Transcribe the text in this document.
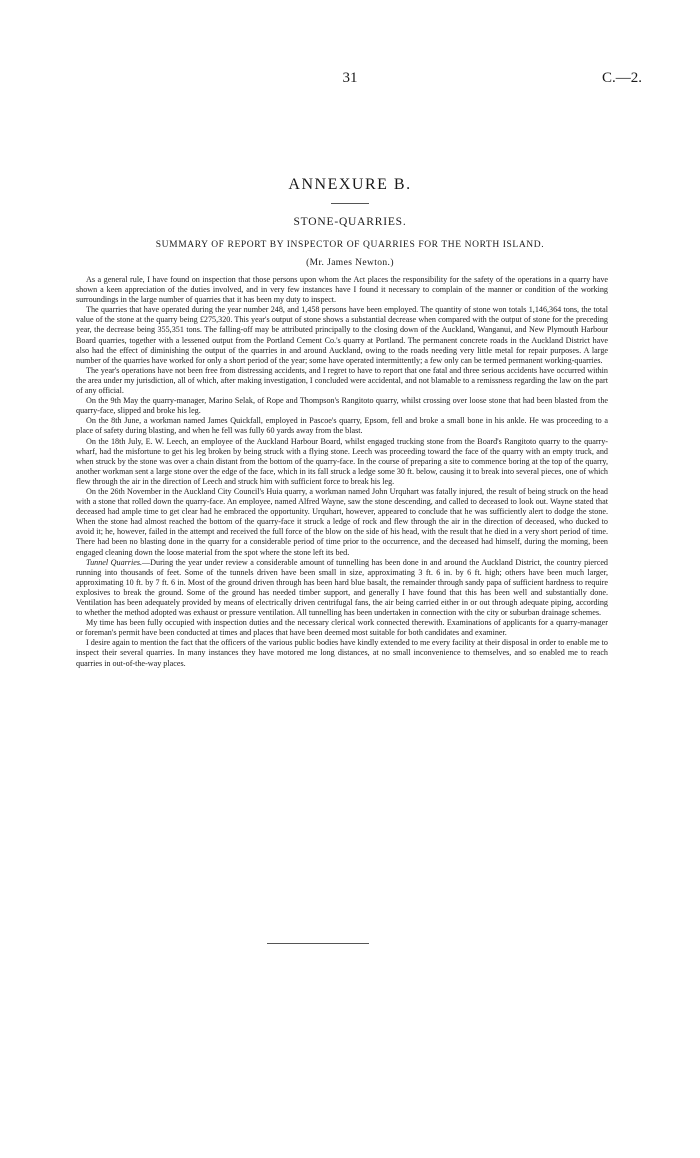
31	C.—2.
ANNEXURE B.
STONE-QUARRIES.
SUMMARY OF REPORT BY INSPECTOR OF QUARRIES FOR THE NORTH ISLAND.
(Mr. James Newton.)

As a general rule, I have found on inspection that those persons upon whom the Act places the responsibility for the safety of the operations in a quarry have shown a keen appreciation of the duties involved, and in very few instances have I found it necessary to complain of the manner or condition of the working surroundings in the large number of quarries that it has been my duty to inspect.

The quarries that have operated during the year number 248, and 1,458 persons have been employed. The quantity of stone won totals 1,146,364 tons, the total value of the stone at the quarry being £275,320. This year's output of stone shows a substantial decrease when compared with the output of stone for the preceding year, the decrease being 355,351 tons. The falling-off may be attributed principally to the closing down of the Auckland, Wanganui, and New Plymouth Harbour Board quarries, together with a lessened output from the Portland Cement Co.'s quarry at Portland. The permanent concrete roads in the Auckland District have also had the effect of diminishing the output of the quarries in and around Auckland, owing to the roads needing very little metal for repair purposes. A large number of the quarries have worked for only a short period of the year; some have operated intermittently; a few only can be termed permanent working-quarries.

The year's operations have not been free from distressing accidents, and I regret to have to report that one fatal and three serious accidents have occurred within the area under my jurisdiction, all of which, after making investigation, I concluded were accidental, and not blamable to a remissness regarding the law on the part of any official.

On the 9th May the quarry-manager, Marino Selak, of Rope and Thompson's Rangitoto quarry, whilst crossing over loose stone that had been blasted from the quarry-face, slipped and broke his leg.

On the 8th June, a workman named James Quickfall, employed in Pascoe's quarry, Epsom, fell and broke a small bone in his ankle. He was proceeding to a place of safety during blasting, and when he fell was fully 60 yards away from the blast.

On the 18th July, E. W. Leech, an employee of the Auckland Harbour Board, whilst engaged trucking stone from the Board's Rangitoto quarry to the quarry-wharf, had the misfortune to get his leg broken by being struck with a flying stone. Leech was proceeding toward the face of the quarry with an empty truck, and when struck by the stone was over a chain distant from the bottom of the quarry-face. In the course of preparing a site to commence boring at the top of the quarry, another workman sent a large stone over the edge of the face, which in its fall struck a ledge some 30 ft. below, causing it to break into several pieces, one of which flew through the air in the direction of Leech and struck him with sufficient force to break his leg.

On the 26th November in the Auckland City Council's Huia quarry, a workman named John Urquhart was fatally injured, the result of being struck on the head with a stone that rolled down the quarry-face. An employee, named Alfred Wayne, saw the stone descending, and called to deceased to look out. Wayne stated that deceased had ample time to get clear had he embraced the opportunity. Urquhart, however, appeared to conclude that he was sufficiently alert to dodge the stone. When the stone had almost reached the bottom of the quarry-face it struck a ledge of rock and flew through the air in the direction of deceased, who ducked to avoid it; he, however, failed in the attempt and received the full force of the blow on the side of his head, with the result that he died in a very short period of time. There had been no blasting done in the quarry for a considerable period of time prior to the occurrence, and the deceased had himself, during the morning, been engaged cleaning down the loose material from the spot where the stone left its bed.

Tunnel Quarries.—During the year under review a considerable amount of tunnelling has been done in and around the Auckland District, the country pierced running into thousands of feet. Some of the tunnels driven have been small in size, approximating 3 ft. 6 in. by 6 ft. high; others have been much larger, approximating 10 ft. by 7 ft. 6 in. Most of the ground driven through has been hard blue basalt, the remainder through sandy papa of sufficient hardness to require explosives to break the ground. Some of the ground has needed timber support, and generally I have found that this has been well and substantially done. Ventilation has been adequately provided by means of electrically driven centrifugal fans, the air being carried either in or out through adequate piping, according to whether the method adopted was exhaust or pressure ventilation. All tunnelling has been undertaken in connection with the city or suburban drainage schemes.

My time has been fully occupied with inspection duties and the necessary clerical work connected therewith. Examinations of applicants for a quarry-manager or foreman's permit have been conducted at times and places that have been deemed most suitable for both candidates and examiner.

I desire again to mention the fact that the officers of the various public bodies have kindly extended to me every facility at their disposal in order to enable me to inspect their several quarries. In many instances they have motored me long distances, at no small inconvenience to themselves, and so enabled me to reach quarries in out-of-the-way places.
